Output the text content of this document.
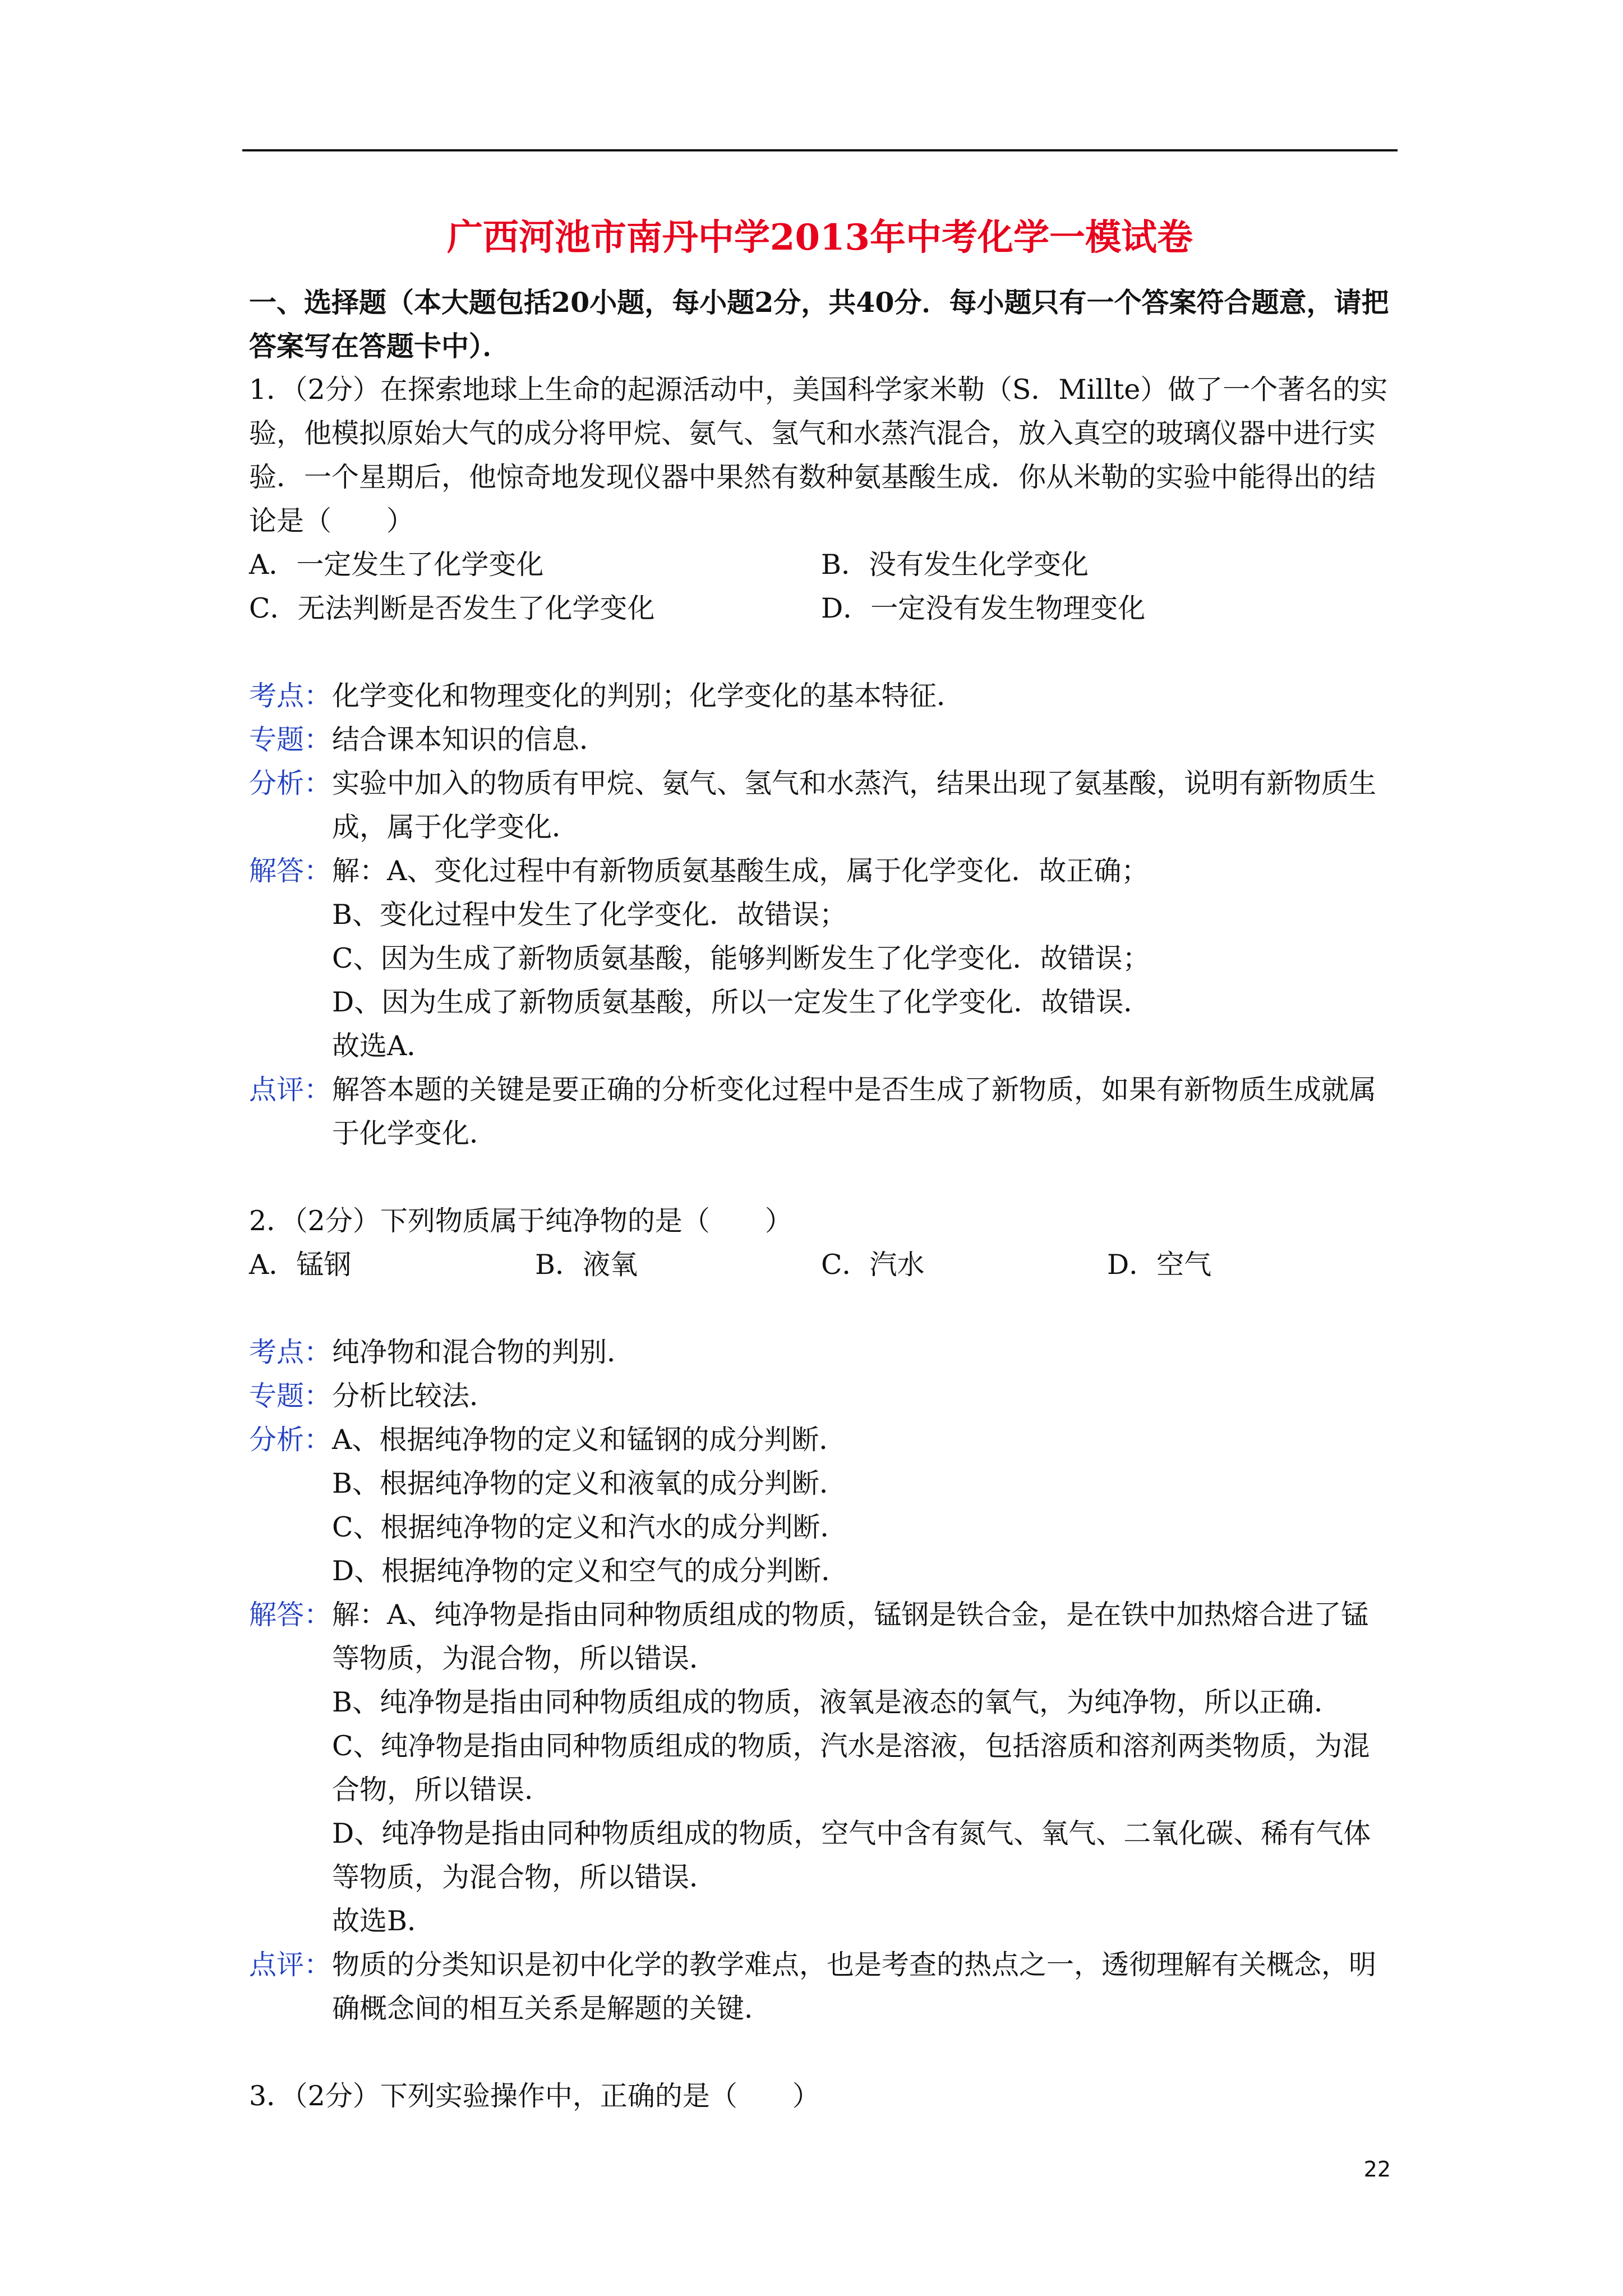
广西河池市南丹中学2013年中考化学一模试卷
一、选择题（本大题包括20小题，每小题2分，共40分．每小题只有一个答案符合题意，请把答案写在答题卡中）．
1．（2分）在探索地球上生命的起源活动中，美国科学家米勒（S．Millte）做了一个著名的实验，他模拟原始大气的成分将甲烷、氨气、氢气和水蒸汽混合，放入真空的玻璃仪器中进行实验．一个星期后，他惊奇地发现仪器中果然有数种氨基酸生成．你从米勒的实验中能得出的结论是（　　）
A．一定发生了化学变化	B．没有发生化学变化
C．无法判断是否发生了化学变化	D．一定没有发生物理变化
考点： 化学变化和物理变化的判别；化学变化的基本特征．
专题： 结合课本知识的信息．
分析： 实验中加入的物质有甲烷、氨气、氢气和水蒸汽，结果出现了氨基酸，说明有新物质生成，属于化学变化．
解答： 解：A、变化过程中有新物质氨基酸生成，属于化学变化．故正确；
B、变化过程中发生了化学变化．故错误；
C、因为生成了新物质氨基酸，能够判断发生了化学变化．故错误；
D、因为生成了新物质氨基酸，所以一定发生了化学变化．故错误．
故选A．
点评： 解答本题的关键是要正确的分析变化过程中是否生成了新物质，如果有新物质生成就属于化学变化．
2．（2分）下列物质属于纯净物的是（　　）
A．锰钢	B．液氧	C．汽水	D．空气
考点： 纯净物和混合物的判别．
专题： 分析比较法．
分析： A、根据纯净物的定义和锰钢的成分判断．
B、根据纯净物的定义和液氧的成分判断．
C、根据纯净物的定义和汽水的成分判断．
D、根据纯净物的定义和空气的成分判断．
解答： 解：A、纯净物是指由同种物质组成的物质，锰钢是铁合金，是在铁中加热熔合进了锰等物质，为混合物，所以错误．
B、纯净物是指由同种物质组成的物质，液氧是液态的氧气，为纯净物，所以正确．
C、纯净物是指由同种物质组成的物质，汽水是溶液，包括溶质和溶剂两类物质，为混合物，所以错误．
D、纯净物是指由同种物质组成的物质，空气中含有氮气、氧气、二氧化碳、稀有气体等物质，为混合物，所以错误．
故选B．
点评： 物质的分类知识是初中化学的教学难点，也是考查的热点之一，透彻理解有关概念，明确概念间的相互关系是解题的关键．
3．（2分）下列实验操作中，正确的是（　　）
22
